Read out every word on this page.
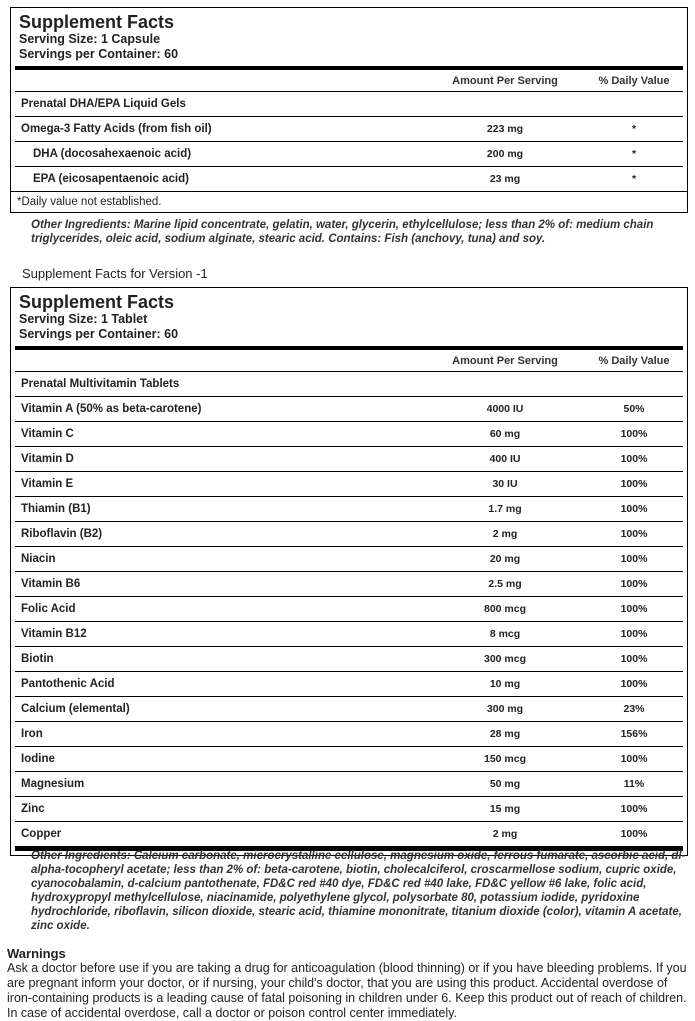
Supplement Facts
Serving Size: 1 Capsule
Servings per Container: 60
Amount Per Serving	% Daily Value
Prenatal DHA/EPA Liquid Gels
Omega-3 Fatty Acids (from fish oil)	223 mg	*
DHA (docosahexaenoic acid)	200 mg	*
EPA (eicosapentaenoic acid)	23 mg	*
*Daily value not established.
Other Ingredients: Marine lipid concentrate, gelatin, water, glycerin, ethylcellulose; less than 2% of: medium chain triglycerides, oleic acid, sodium alginate, stearic acid. Contains: Fish (anchovy, tuna) and soy.
Supplement Facts for Version -1
Supplement Facts
Serving Size: 1 Tablet
Servings per Container: 60
Amount Per Serving	% Daily Value
Prenatal Multivitamin Tablets
Vitamin A (50% as beta-carotene)	4000 IU	50%
Vitamin C	60 mg	100%
Vitamin D	400 IU	100%
Vitamin E	30 IU	100%
Thiamin (B1)	1.7 mg	100%
Riboflavin (B2)	2 mg	100%
Niacin	20 mg	100%
Vitamin B6	2.5 mg	100%
Folic Acid	800 mcg	100%
Vitamin B12	8 mcg	100%
Biotin	300 mcg	100%
Pantothenic Acid	10 mg	100%
Calcium (elemental)	300 mg	23%
Iron	28 mg	156%
Iodine	150 mcg	100%
Magnesium	50 mg	11%
Zinc	15 mg	100%
Copper	2 mg	100%
Other Ingredients: Calcium carbonate, microcrystalline cellulose, magnesium oxide, ferrous fumarate, ascorbic acid, dl-alpha-tocopheryl acetate; less than 2% of: beta-carotene, biotin, cholecalciferol, croscarmellose sodium, cupric oxide, cyanocobalamin, d-calcium pantothenate, FD&C red #40 dye, FD&C red #40 lake, FD&C yellow #6 lake, folic acid, hydroxypropyl methylcellulose, niacinamide, polyethylene glycol, polysorbate 80, potassium iodide, pyridoxine hydrochloride, riboflavin, silicon dioxide, stearic acid, thiamine mononitrate, titanium dioxide (color), vitamin A acetate, zinc oxide.
Warnings
Ask a doctor before use if you are taking a drug for anticoagulation (blood thinning) or if you have bleeding problems. If you are pregnant inform your doctor, or if nursing, your child's doctor, that you are using this product. Accidental overdose of iron-containing products is a leading cause of fatal poisoning in children under 6. Keep this product out of reach of children. In case of accidental overdose, call a doctor or poison control center immediately.
